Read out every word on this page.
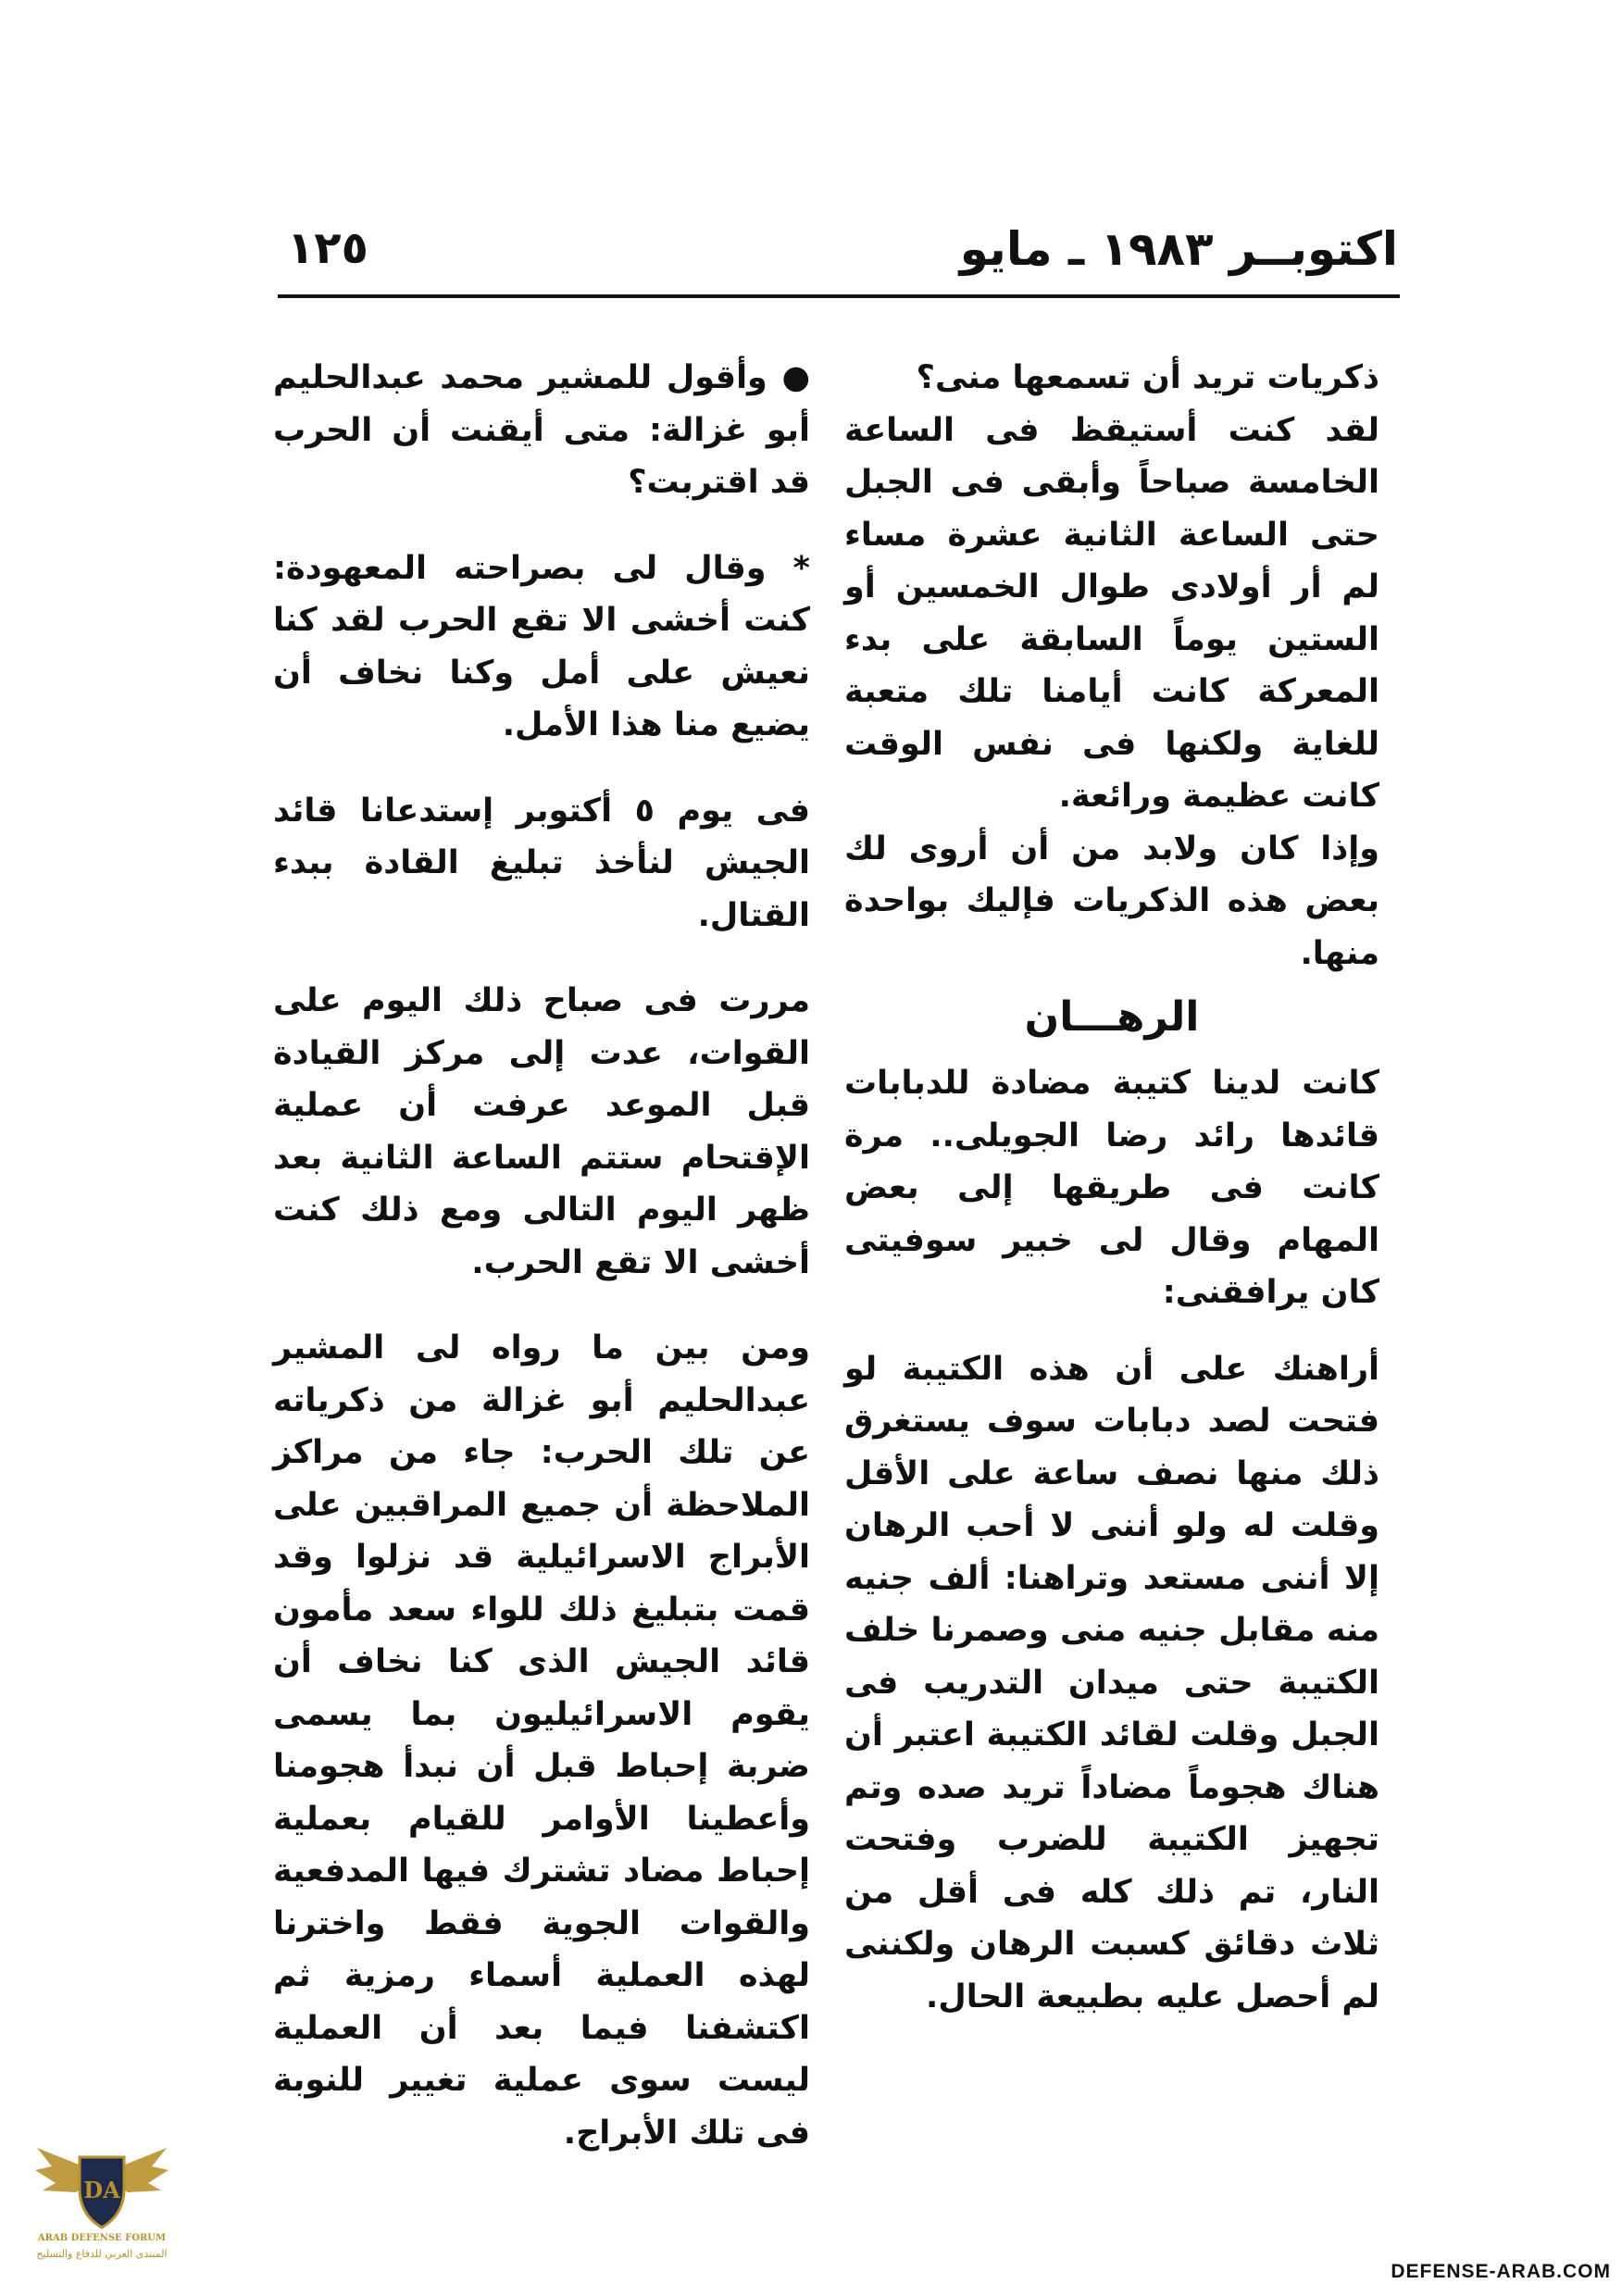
اكتوبــر ١٩٨٣ ـ مايو
١٢٥

ذكريات تريد أن تسمعها منى؟

لقد كنت أستيقظ فى الساعة الخامسة صباحاً وأبقى فى الجبل حتى الساعة الثانية عشرة مساء لم أر أولادى طوال الخمسين أو الستين يوماً السابقة على بدء المعركة كانت أيامنا تلك متعبة للغاية ولكنها فى نفس الوقت كانت عظيمة ورائعة.

وإذا كان ولابد من أن أروى لك بعض هذه الذكريات فإليك بواحدة منها.

الرهـــان

كانت لدينا كتيبة مضادة للدبابات قائدها رائد رضا الجويلى.. مرة كانت فى طريقها إلى بعض المهام وقال لى خبير سوفيتى كان يرافقنى:

أراهنك على أن هذه الكتيبة لو فتحت لصد دبابات سوف يستغرق ذلك منها نصف ساعة على الأقل وقلت له ولو أننى لا أحب الرهان إلا أننى مستعد وتراهنا: ألف جنيه منه مقابل جنيه منى وصمرنا خلف الكتيبة حتى ميدان التدريب فى الجبل وقلت لقائد الكتيبة اعتبر أن هناك هجوماً مضاداً تريد صده وتم تجهيز الكتيبة للضرب وفتحت النار، تم ذلك كله فى أقل من ثلاث دقائق كسبت الرهان ولكننى لم أحصل عليه بطبيعة الحال.

● وأقول للمشير محمد عبدالحليم أبو غزالة: متى أيقنت أن الحرب قد اقتربت؟

* وقال لى بصراحته المعهودة: كنت أخشى الا تقع الحرب لقد كنا نعيش على أمل وكنا نخاف أن يضيع منا هذا الأمل.

فى يوم ٥ أكتوبر إستدعانا قائد الجيش لنأخذ تبليغ القادة ببدء القتال.

مررت فى صباح ذلك اليوم على القوات، عدت إلى مركز القيادة قبل الموعد عرفت أن عملية الإقتحام ستتم الساعة الثانية بعد ظهر اليوم التالى ومع ذلك كنت أخشى الا تقع الحرب.

ومن بين ما رواه لى المشير عبدالحليم أبو غزالة من ذكرياته عن تلك الحرب: جاء من مراكز الملاحظة أن جميع المراقبين على الأبراج الاسرائيلية قد نزلوا وقد قمت بتبليغ ذلك للواء سعد مأمون قائد الجيش الذى كنا نخاف أن يقوم الاسرائيليون بما يسمى ضربة إحباط قبل أن نبدأ هجومنا وأعطينا الأوامر للقيام بعملية إحباط مضاد تشترك فيها المدفعية والقوات الجوية فقط واخترنا لهذه العملية أسماء رمزية ثم اكتشفنا فيما بعد أن العملية ليست سوى عملية تغيير للنوبة فى تلك الأبراج.

DA
ARAB DEFENSE FORUM
المنتدى العربي للدفاع والتسليح
DEFENSE-ARAB.COM
